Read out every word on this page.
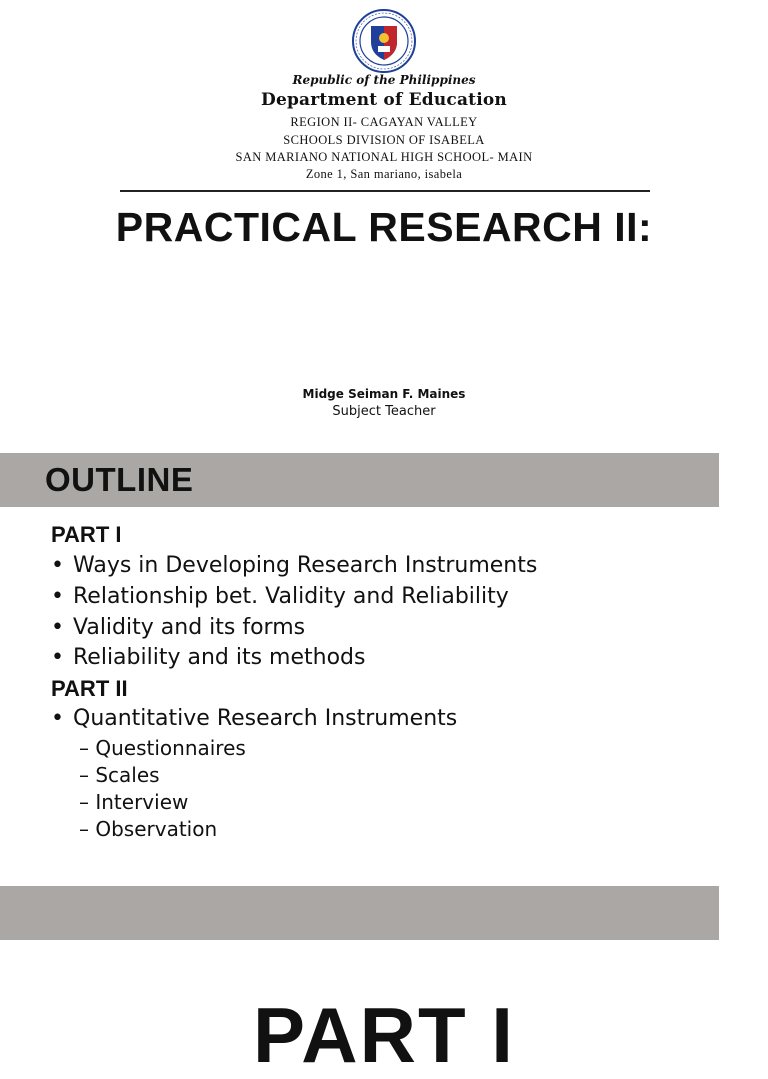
Republic of the Philippines

Department of Education

REGION II- CAGAYAN VALLEY

SCHOOLS DIVISION OF ISABELA

SAN MARIANO NATIONAL HIGH SCHOOL- MAIN

Zone 1, San mariano, isabela

PRACTICAL RESEARCH II:
Midge Seiman F. Maines
Subject Teacher
OUTLINE
PART I
• Ways in Developing Research Instruments
• Relationship bet. Validity and Reliability
• Validity and its forms
• Reliability and its methods
PART II
• Quantitative Research Instruments
– Questionnaires
– Scales
– Interview
– Observation
PART I
